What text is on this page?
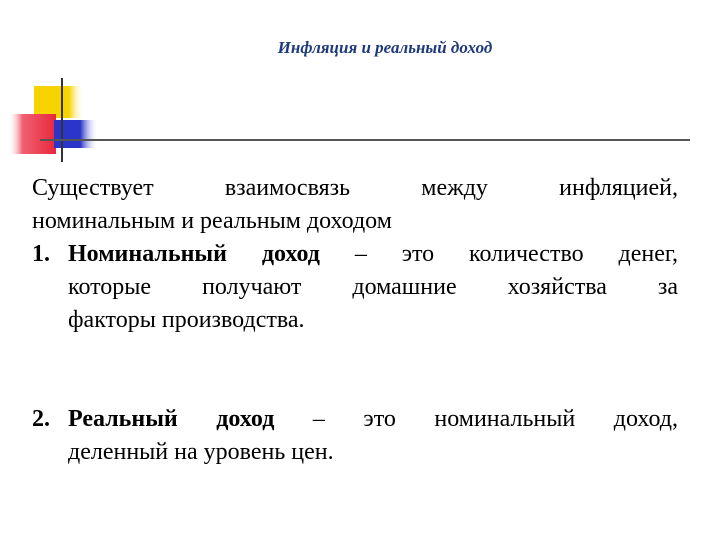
Инфляция и реальный доход
Существует взаимосвязь между инфляцией,
номинальным и реальным доходом
1. Номинальный доход – это количество денег,
которые получают домашние хозяйства за
факторы производства.
2. Реальный доход – это номинальный доход,
деленный на уровень цен.
